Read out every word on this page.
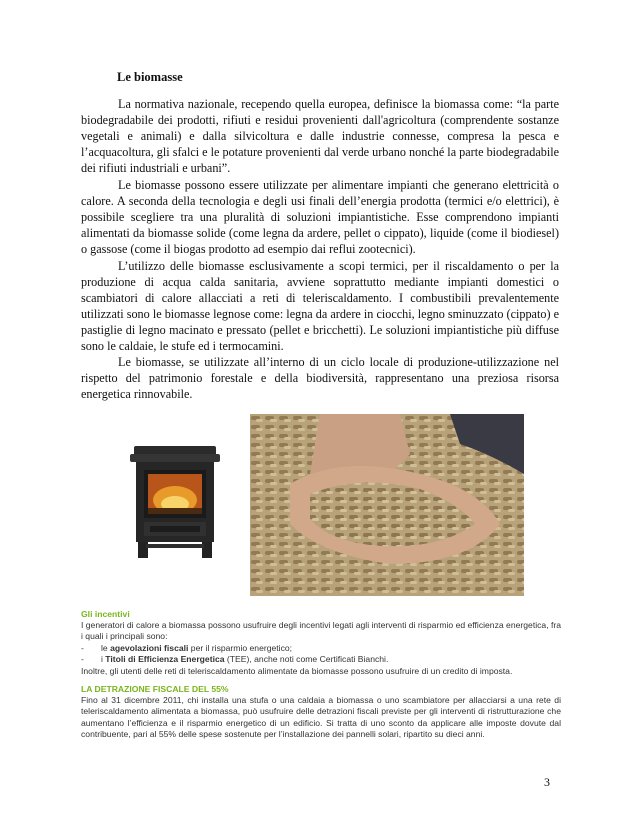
Le biomasse

La normativa nazionale, recependo quella europea, definisce la biomassa come: “la parte biodegradabile dei prodotti, rifiuti e residui provenienti dall'agricoltura (comprendente sostanze vegetali e animali) e dalla silvicoltura e dalle industrie connesse, compresa la pesca e l’acquacoltura, gli sfalci e le potature provenienti dal verde urbano nonché la parte biodegradabile dei rifiuti industriali e urbani”.

Le biomasse possono essere utilizzate per alimentare impianti che generano elettricità o calore. A seconda della tecnologia e degli usi finali dell’energia prodotta (termici e/o elettrici), è possibile scegliere tra una pluralità di soluzioni impiantistiche. Esse comprendono impianti alimentati da biomasse solide (come legna da ardere, pellet o cippato), liquide (come il biodiesel) o gassose (come il biogas prodotto ad esempio dai reflui zootecnici).

L’utilizzo delle biomasse esclusivamente a scopi termici, per il riscaldamento o per la produzione di acqua calda sanitaria, avviene soprattutto mediante impianti domestici o scambiatori di calore allacciati a reti di teleriscaldamento. I combustibili prevalentemente utilizzati sono le biomasse legnose come: legna da ardere in ciocchi, legno sminuzzato (cippato) e pastiglie di legno macinato e pressato (pellet e bricchetti). Le soluzioni impiantistiche più diffuse sono le caldaie, le stufe ed i termocamini.

Le biomasse, se utilizzate all’interno di un ciclo locale di produzione-utilizzazione nel rispetto del patrimonio forestale e della biodiversità, rappresentano una preziosa risorsa energetica rinnovabile.

Gli incentivi
I generatori di calore a biomassa possono usufruire degli incentivi legati agli interventi di risparmio ed efficienza energetica, fra i quali i principali sono:
- le agevolazioni fiscali per il risparmio energetico;
- i Titoli di Efficienza Energetica (TEE), anche noti come Certificati Bianchi.
Inoltre, gli utenti delle reti di teleriscaldamento alimentate da biomasse possono usufruire di un credito di imposta.
LA DETRAZIONE FISCALE DEL 55%
Fino al 31 dicembre 2011, chi installa una stufa o una caldaia a biomassa o uno scambiatore per allacciarsi a una rete di teleriscaldamento alimentata a biomassa, può usufruire delle detrazioni fiscali previste per gli interventi di ristrutturazione che aumentano l’efficienza e il risparmio energetico di un edificio. Si tratta di uno sconto da applicare alle imposte dovute dal contribuente, pari al 55% delle spese sostenute per l’installazione dei pannelli solari, ripartito su dieci anni.
3
